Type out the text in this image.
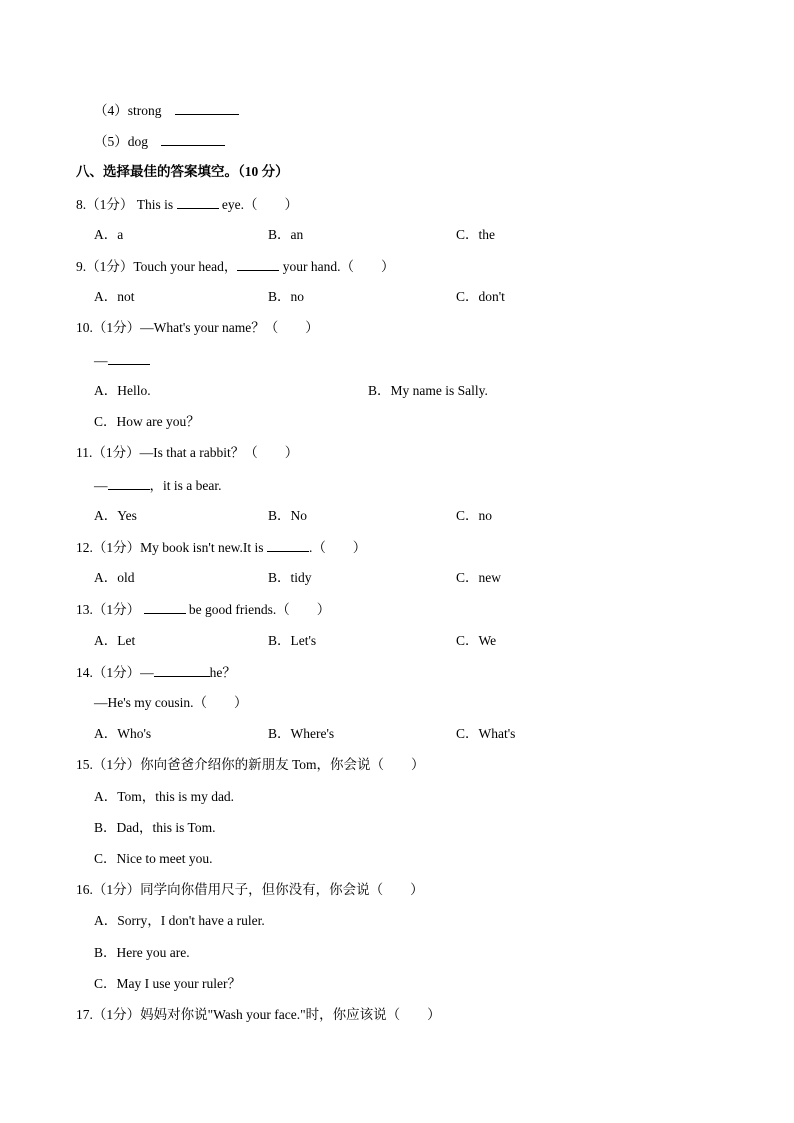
（4）strong
（5）dog
八、选择最佳的答案填空。（10 分）
8.（1分） This is	eye.（　　）
A．a	B．an	C．the
9.（1分）Touch your head，	your hand.（　　）
A．not	B．no	C．don't
10.（1分）—What's your name？（　　）
—
A．Hello.	B．My name is Sally.
C．How are you？
11.（1分）—Is that a rabbit？（　　）
—	，it is a bear.
A．Yes	B．No	C．no
12.（1分）My book isn't new.It is	.（　　）
A．old	B．tidy	C．new
13.（1分）	be good friends.（　　）
A．Let	B．Let's	C．We
14.（1分）—	he？
—He's my cousin.（　　）
A．Who's	B．Where's	C．What's
15.（1分）你向爸爸介绍你的新朋友 Tom，你会说（　　）
A．Tom，this is my dad.
B．Dad，this is Tom.
C．Nice to meet you.
16.（1分）同学向你借用尺子，但你没有，你会说（　　）
A．Sorry，I don't have a ruler.
B．Here you are.
C．May I use your ruler？
17.（1分）妈妈对你说"Wash your face."时，你应该说（　　）
